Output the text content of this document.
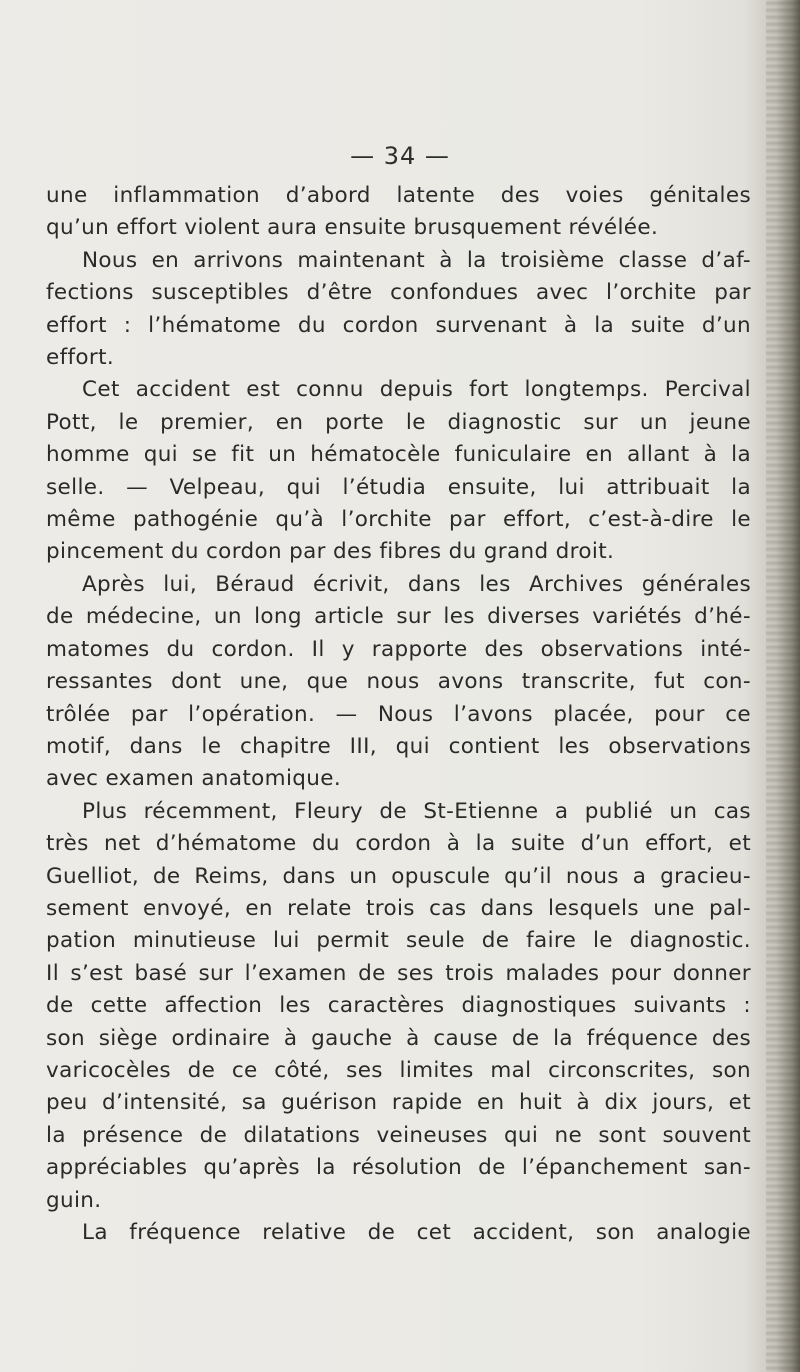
— 34 —
une inflammation d’abord latente des voies génitales
qu’un effort violent aura ensuite brusquement révélée.
Nous en arrivons maintenant à la troisième classe d’af-
fections susceptibles d’être confondues avec l’orchite par
effort : l’hématome du cordon survenant à la suite d’un
effort.
Cet accident est connu depuis fort longtemps. Percival
Pott, le premier, en porte le diagnostic sur un jeune
homme qui se fit un hématocèle funiculaire en allant à la
selle. — Velpeau, qui l’étudia ensuite, lui attribuait la
même pathogénie qu’à l’orchite par effort, c’est-à-dire le
pincement du cordon par des fibres du grand droit.
Après lui, Béraud écrivit, dans les Archives générales
de médecine, un long article sur les diverses variétés d’hé-
matomes du cordon. Il y rapporte des observations inté-
ressantes dont une, que nous avons transcrite, fut con-
trôlée par l’opération. — Nous l’avons placée, pour ce
motif, dans le chapitre III, qui contient les observations
avec examen anatomique.
Plus récemment, Fleury de St-Etienne a publié un cas
très net d’hématome du cordon à la suite d’un effort, et
Guelliot, de Reims, dans un opuscule qu’il nous a gracieu-
sement envoyé, en relate trois cas dans lesquels une pal-
pation minutieuse lui permit seule de faire le diagnostic.
Il s’est basé sur l’examen de ses trois malades pour donner
de cette affection les caractères diagnostiques suivants :
son siège ordinaire à gauche à cause de la fréquence des
varicocèles de ce côté, ses limites mal circonscrites, son
peu d’intensité, sa guérison rapide en huit à dix jours, et
la présence de dilatations veineuses qui ne sont souvent
appréciables qu’après la résolution de l’épanchement san-
guin.
La fréquence relative de cet accident, son analogie
